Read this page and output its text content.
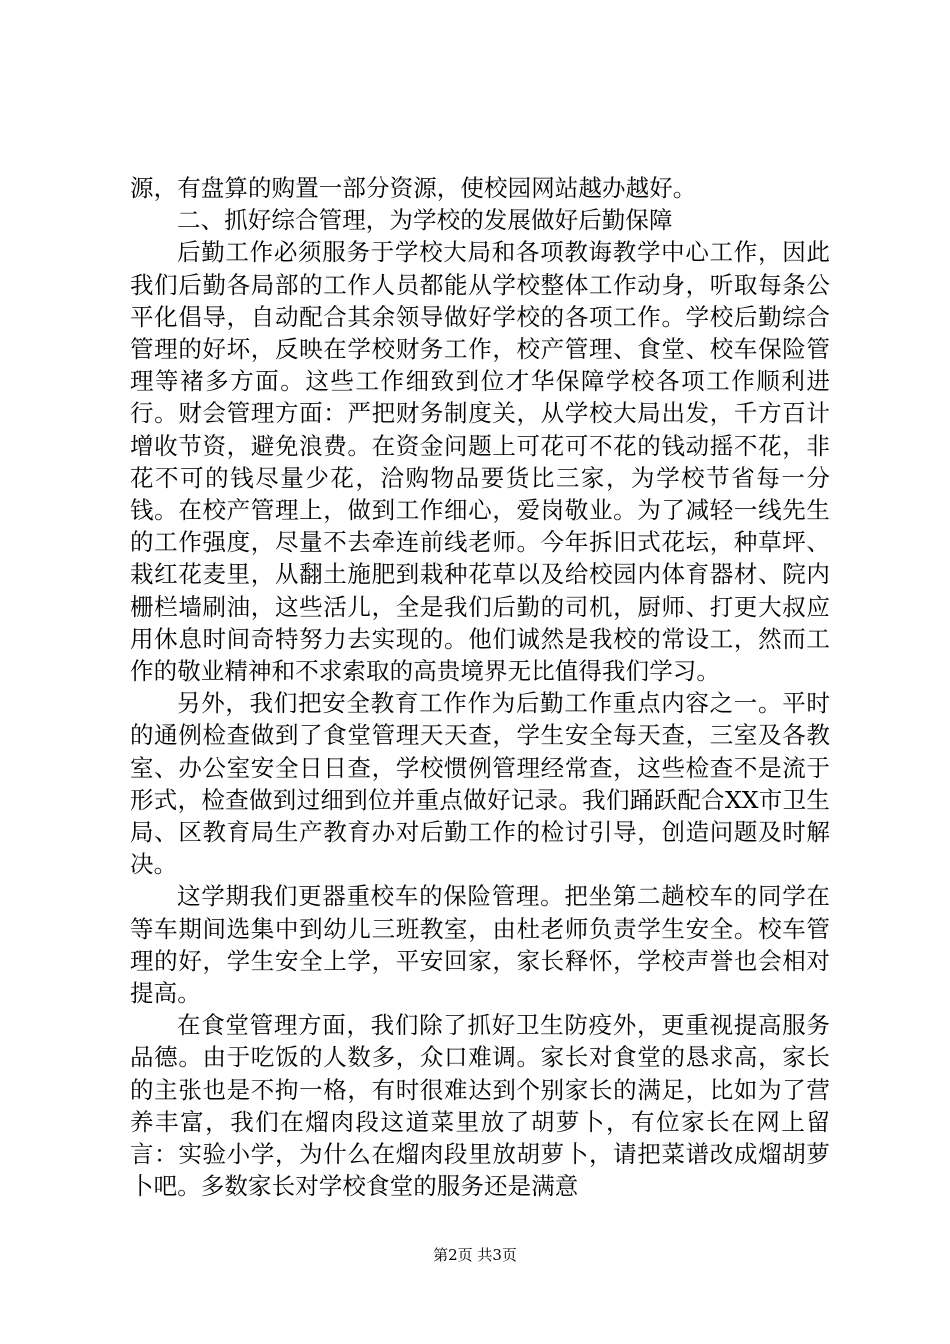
源，有盘算的购置一部分资源，使校园网站越办越好。

二、抓好综合管理，为学校的发展做好后勤保障

后勤工作必须服务于学校大局和各项教诲教学中心工作，因此我们后勤各局部的工作人员都能从学校整体工作动身，听取每条公平化倡导，自动配合其余领导做好学校的各项工作。学校后勤综合管理的好坏，反映在学校财务工作，校产管理、食堂、校车保险管理等褚多方面。这些工作细致到位才华保障学校各项工作顺利进行。财会管理方面：严把财务制度关，从学校大局出发，千方百计增收节资，避免浪费。在资金问题上可花可不花的钱动摇不花，非花不可的钱尽量少花，洽购物品要货比三家，为学校节省每一分钱。在校产管理上，做到工作细心，爱岗敬业。为了减轻一线先生的工作强度，尽量不去牵连前线老师。今年拆旧式花坛，种草坪、栽红花麦里，从翻土施肥到栽种花草以及给校园内体育器材、院内栅栏墙刷油，这些活儿，全是我们后勤的司机，厨师、打更大叔应用休息时间奇特努力去实现的。他们诚然是我校的常设工，然而工作的敬业精神和不求索取的高贵境界无比值得我们学习。

另外，我们把安全教育工作作为后勤工作重点内容之一。平时的通例检查做到了食堂管理天天查，学生安全每天查，三室及各教室、办公室安全日日查，学校惯例管理经常查，这些检查不是流于形式，检查做到过细到位并重点做好记录。我们踊跃配合XX市卫生局、区教育局生产教育办对后勤工作的检讨引导，创造问题及时解决。

这学期我们更器重校车的保险管理。把坐第二趟校车的同学在等车期间选集中到幼儿三班教室，由杜老师负责学生安全。校车管理的好，学生安全上学，平安回家，家长释怀，学校声誉也会相对提高。

在食堂管理方面，我们除了抓好卫生防疫外，更重视提高服务品德。由于吃饭的人数多，众口难调。家长对食堂的恳求高，家长的主张也是不拘一格，有时很难达到个别家长的满足，比如为了营养丰富，我们在熘肉段这道菜里放了胡萝卜，有位家长在网上留言：实验小学，为什么在熘肉段里放胡萝卜，请把菜谱改成熘胡萝卜吧。多数家长对学校食堂的服务还是满意

第2页 共3页
